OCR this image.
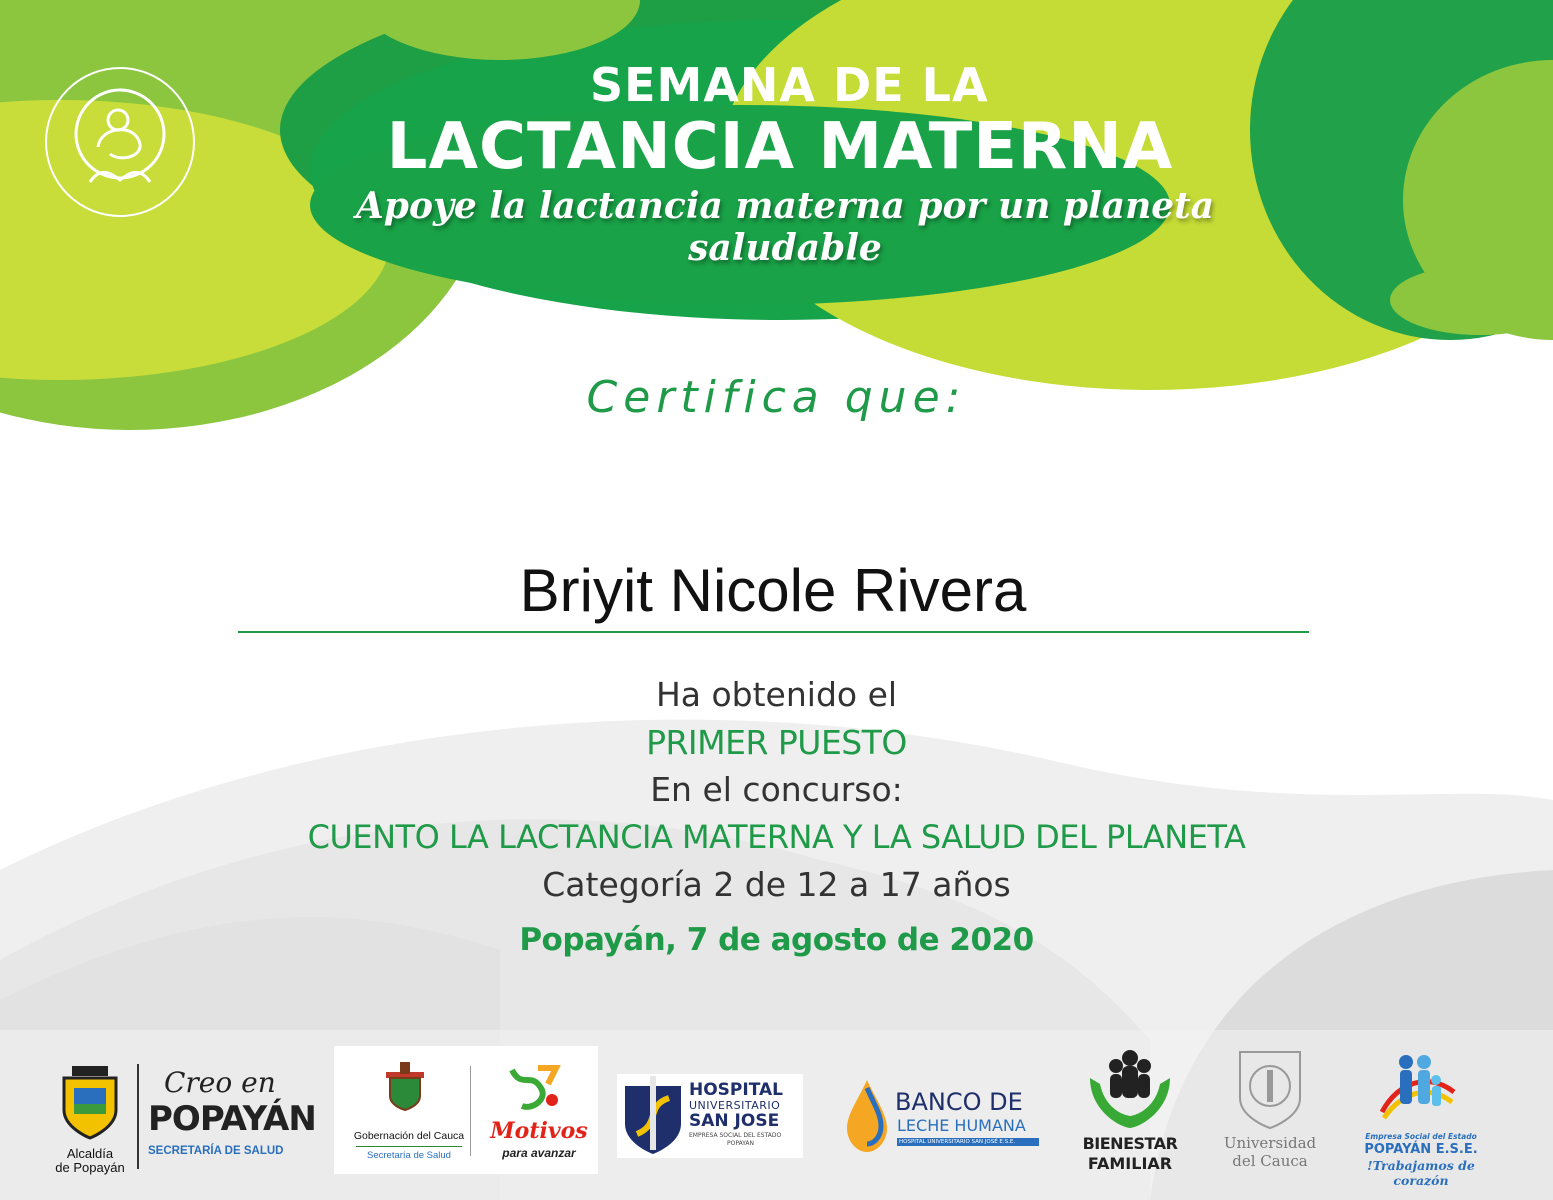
SEMANA DE LA
LACTANCIA MATERNA
Apoye la lactancia materna por un planeta saludable
Certifica que:
Briyit Nicole Rivera
Ha obtenido el
PRIMER PUESTO
En el concurso:
CUENTO LA LACTANCIA MATERNA Y LA SALUD DEL PLANETA
Categoría 2 de 12 a 17 años
Popayán, 7 de agosto de 2020
Alcaldía
de Popayán
Creo en
POPAYÁN
SECRETARÍA DE SALUD
Gobernación del Cauca
Secretaría de Salud
Motivos
para avanzar
HOSPITAL
UNIVERSITARIO
SAN JOSE
EMPRESA SOCIAL DEL ESTADO
POPAYAN
BANCO DE
LECHE HUMANA
HOSPITAL UNIVERSITARIO SAN JOSÉ E.S.E.	BIENESTAR
FAMILIAR
Universidad
del Cauca
Empresa Social del Estado
POPAYÁN E.S.E.
!Trabajamos de corazón
